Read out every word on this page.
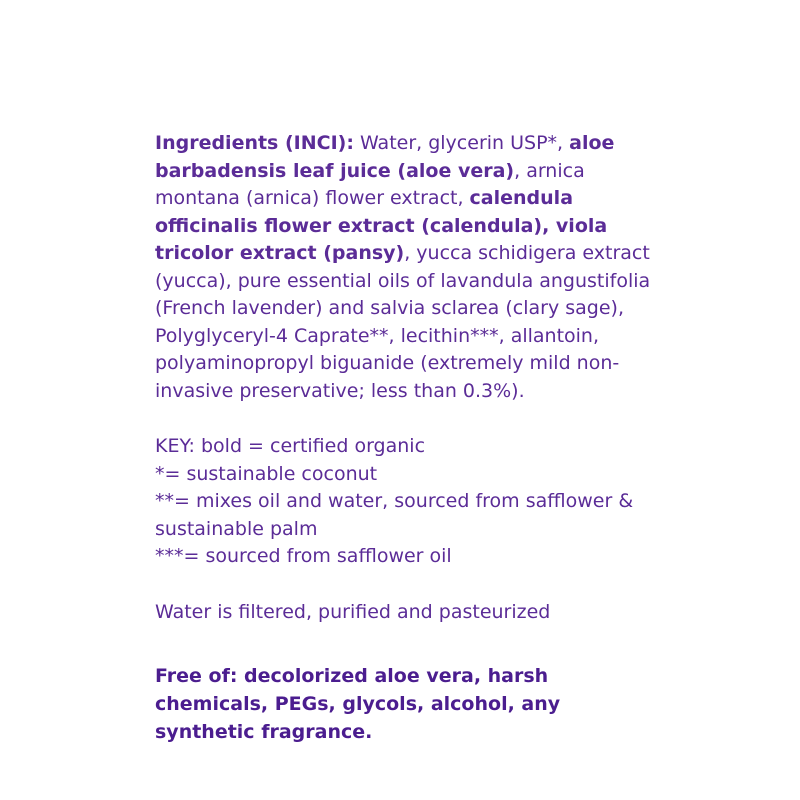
Ingredients (INCI): Water, glycerin USP*, aloe barbadensis leaf juice (aloe vera), arnica montana (arnica) flower extract, calendula officinalis flower extract (calendula), viola tricolor extract (pansy), yucca schidigera extract (yucca), pure essential oils of lavandula angustifolia (French lavender) and salvia sclarea (clary sage), Polyglyceryl-4 Caprate**, lecithin***, allantoin, polyaminopropyl biguanide (extremely mild non-invasive preservative; less than 0.3%).

KEY: bold = certified organic
*= sustainable coconut
**= mixes oil and water, sourced from safflower & sustainable palm
***= sourced from safflower oil

Water is filtered, purified and pasteurized

Free of: decolorized aloe vera, harsh chemicals, PEGs, glycols, alcohol, any synthetic fragrance.
